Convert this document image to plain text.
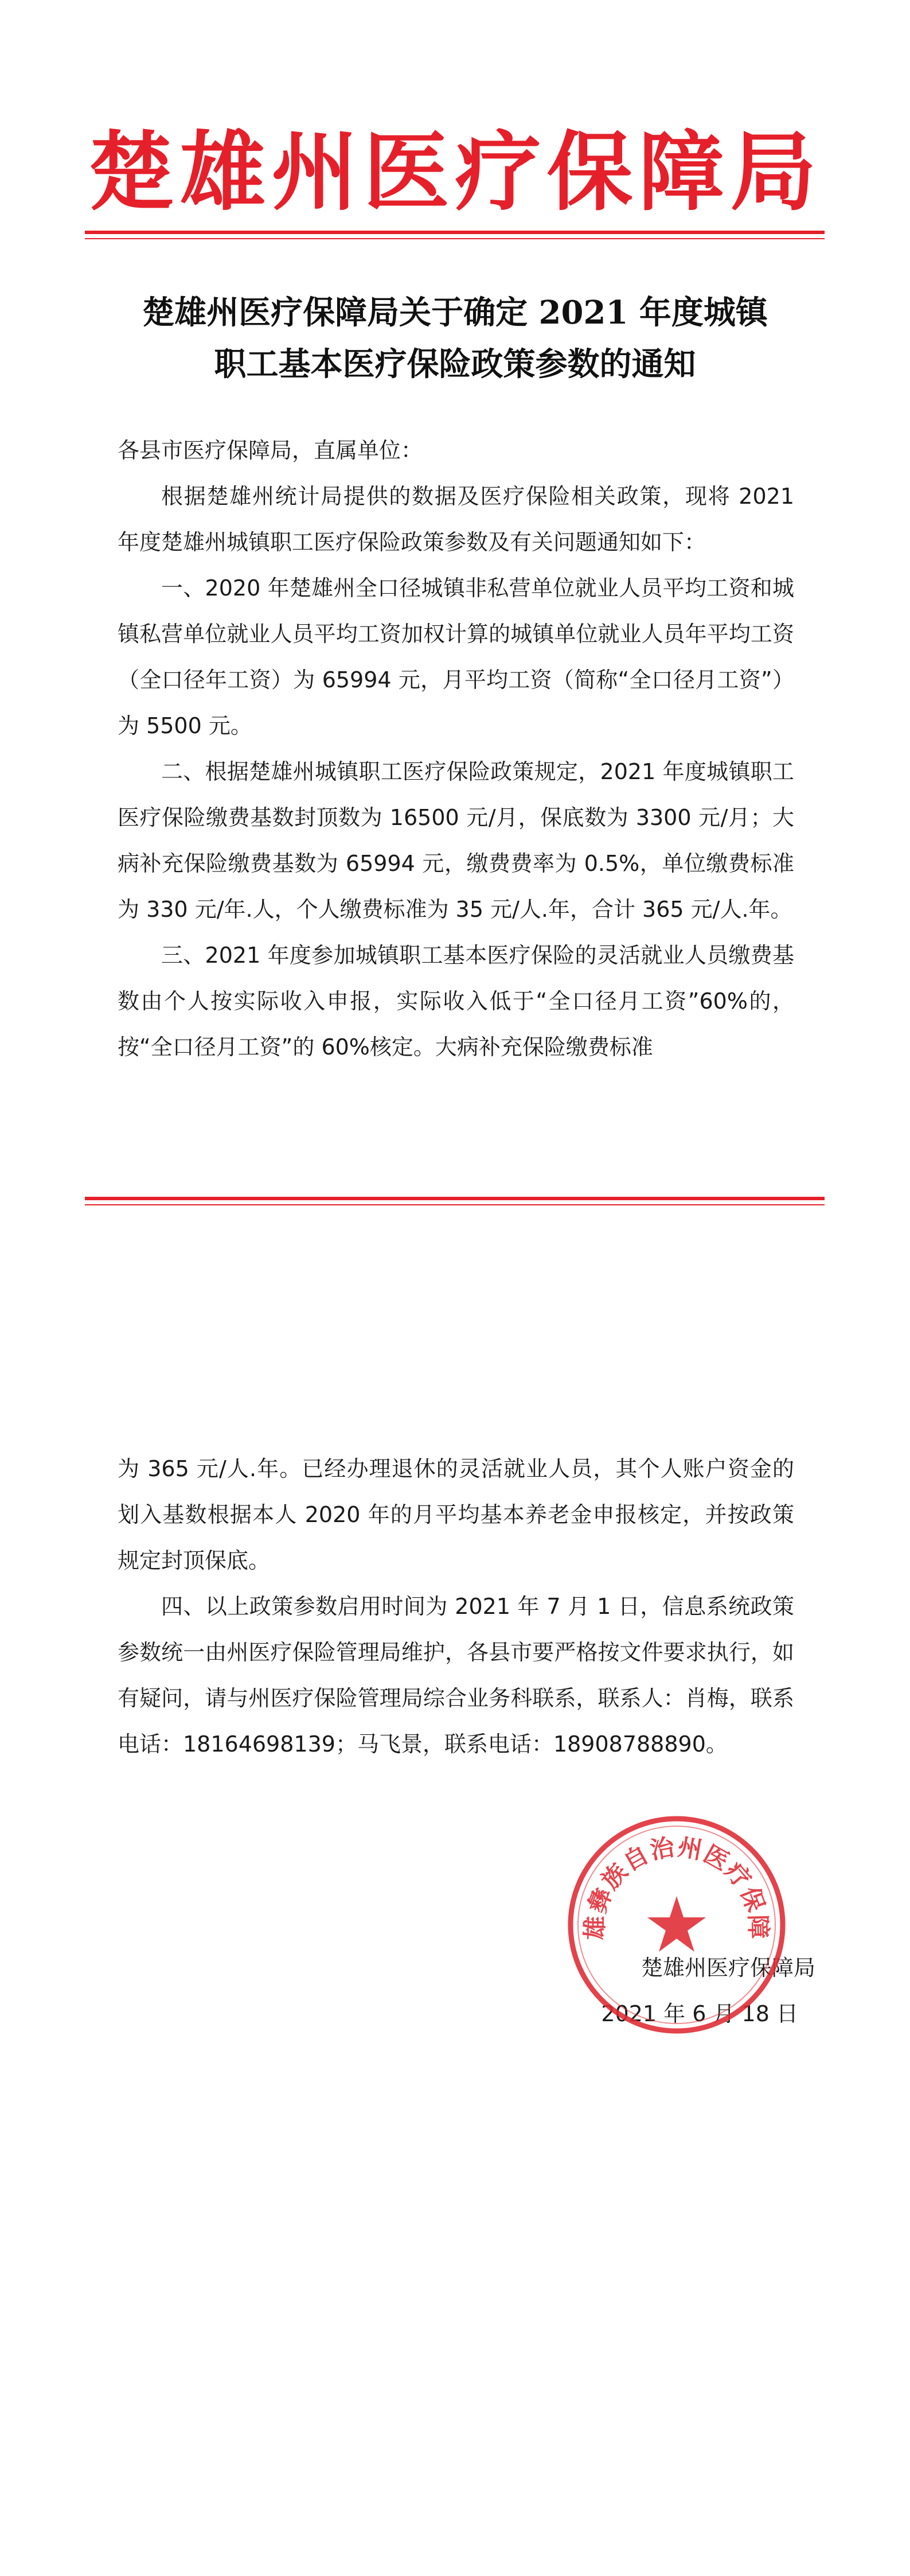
楚雄州医疗保障局
楚雄州医疗保障局关于确定 2021 年度城镇
职工基本医疗保险政策参数的通知

各县市医疗保障局，直属单位：

根据楚雄州统计局提供的数据及医疗保险相关政策，现将 2021 年度楚雄州城镇职工医疗保险政策参数及有关问题通知如下：

一、2020 年楚雄州全口径城镇非私营单位就业人员平均工资和城镇私营单位就业人员平均工资加权计算的城镇单位就业人员年平均工资（全口径年工资）为 65994 元，月平均工资（简称“全口径月工资”）为 5500 元。

二、根据楚雄州城镇职工医疗保险政策规定，2021 年度城镇职工医疗保险缴费基数封顶数为 16500 元/月，保底数为 3300 元/月；大病补充保险缴费基数为 65994 元，缴费费率为 0.5%，单位缴费标准为 330 元/年.人，个人缴费标准为 35 元/人.年，合计 365 元/人.年。

三、2021 年度参加城镇职工基本医疗保险的灵活就业人员缴费基数由个人按实际收入申报，实际收入低于“全口径月工资”60%的，按“全口径月工资”的 60%核定。大病补充保险缴费标准

为 365 元/人.年。已经办理退休的灵活就业人员，其个人账户资金的划入基数根据本人 2020 年的月平均基本养老金申报核定，并按政策规定封顶保底。

四、以上政策参数启用时间为 2021 年 7 月 1 日，信息系统政策参数统一由州医疗保险管理局维护，各县市要严格按文件要求执行，如有疑问，请与州医疗保险管理局综合业务科联系，联系人：肖梅，联系电话：18164698139；马飞景，联系电话：18908788890。

楚雄州医疗保障局
2021 年 6 月 18 日
雄彝族自治州医疗保障
